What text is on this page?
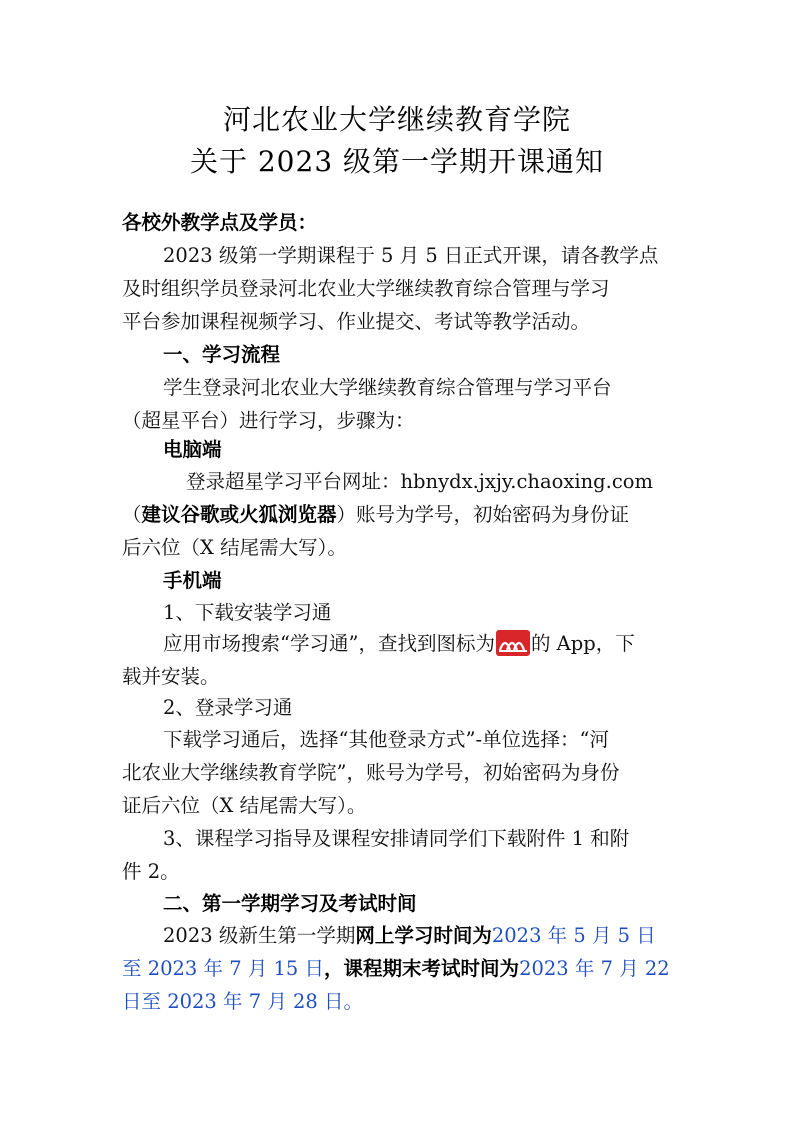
河北农业大学继续教育学院
关于 2023 级第一学期开课通知
各校外教学点及学员：
2023 级第一学期课程于 5 月 5 日正式开课，请各教学点
及时组织学员登录河北农业大学继续教育综合管理与学习
平台参加课程视频学习、作业提交、考试等教学活动。
一、学习流程
学生登录河北农业大学继续教育综合管理与学习平台
（超星平台）进行学习，步骤为：
电脑端
登录超星学习平台网址：hbnydx.jxjy.chaoxing.com
（建议谷歌或火狐浏览器）账号为学号，初始密码为身份证
后六位（X 结尾需大写）。
手机端
1、下载安装学习通
应用市场搜索“学习通”，查找到图标为 的 App，下
载并安装。
2、登录学习通
下载学习通后，选择“其他登录方式”-单位选择：“河
北农业大学继续教育学院”，账号为学号，初始密码为身份
证后六位（X 结尾需大写）。
3、课程学习指导及课程安排请同学们下载附件 1 和附
件 2。
二、第一学期学习及考试时间
2023 级新生第一学期网上学习时间为2023 年 5 月 5 日
至 2023 年 7 月 15 日，课程期末考试时间为2023 年 7 月 22
日至 2023 年 7 月 28 日。
